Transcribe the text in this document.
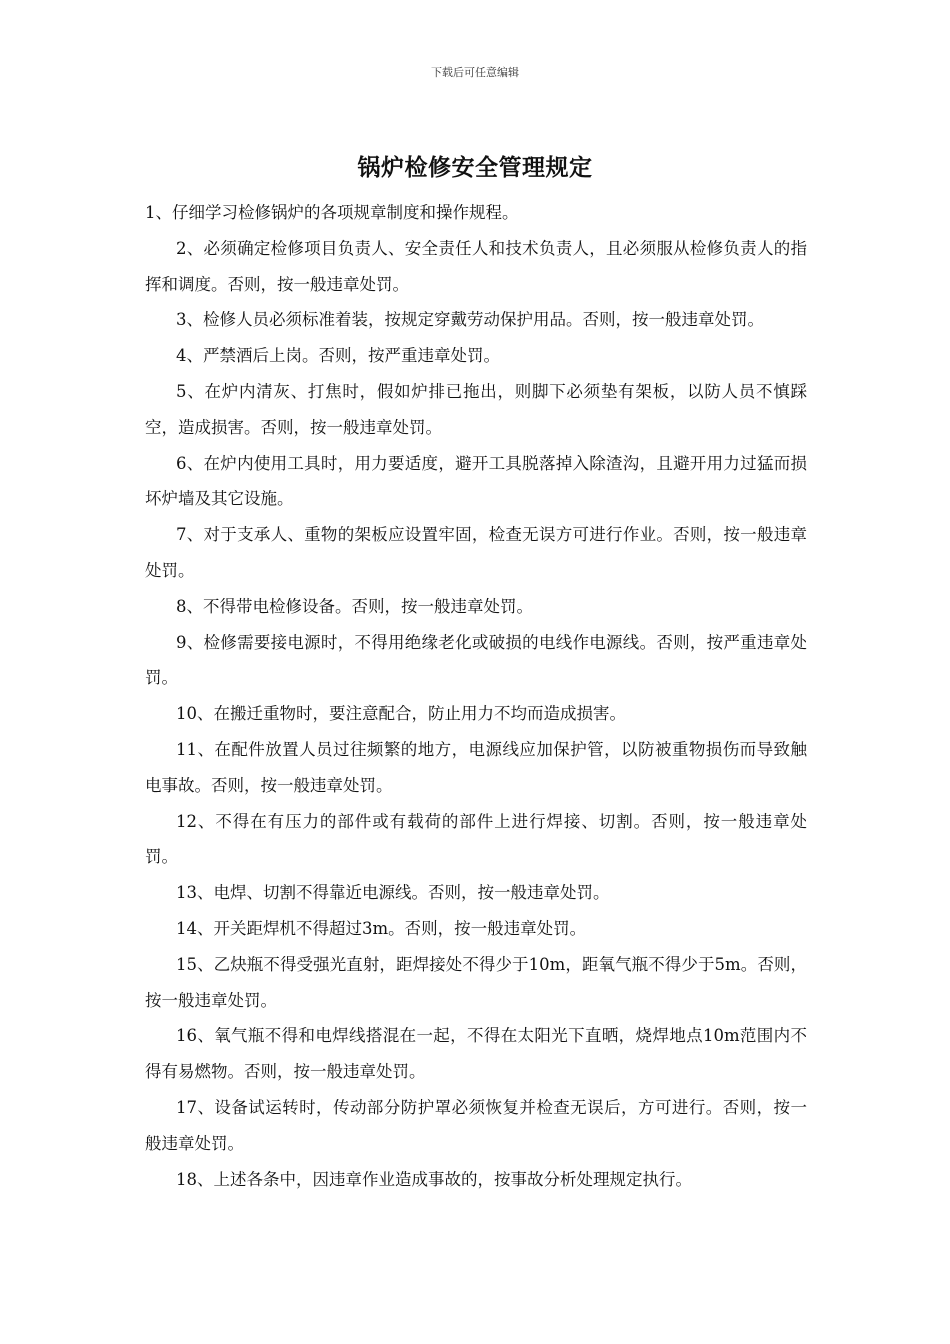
下载后可任意编辑
锅炉检修安全管理规定

1、仔细学习检修锅炉的各项规章制度和操作规程。

2、必须确定检修项目负责人、安全责任人和技术负责人，且必须服从检修负责人的指挥和调度。否则，按一般违章处罚。

3、检修人员必须标准着装，按规定穿戴劳动保护用品。否则，按一般违章处罚。

4、严禁酒后上岗。否则，按严重违章处罚。

5、在炉内清灰、打焦时，假如炉排已拖出，则脚下必须垫有架板，以防人员不慎踩空，造成损害。否则，按一般违章处罚。

6、在炉内使用工具时，用力要适度，避开工具脱落掉入除渣沟，且避开用力过猛而损坏炉墙及其它设施。

7、对于支承人、重物的架板应设置牢固，检查无误方可进行作业。否则，按一般违章处罚。

8、不得带电检修设备。否则，按一般违章处罚。

9、检修需要接电源时，不得用绝缘老化或破损的电线作电源线。否则，按严重违章处罚。

10、在搬迁重物时，要注意配合，防止用力不均而造成损害。

11、在配件放置人员过往频繁的地方，电源线应加保护管，以防被重物损伤而导致触电事故。否则，按一般违章处罚。

12、不得在有压力的部件或有载荷的部件上进行焊接、切割。否则，按一般违章处罚。

13、电焊、切割不得靠近电源线。否则，按一般违章处罚。

14、开关距焊机不得超过3m。否则，按一般违章处罚。

15、乙炔瓶不得受强光直射，距焊接处不得少于10m，距氧气瓶不得少于5m。否则，按一般违章处罚。

16、氧气瓶不得和电焊线搭混在一起，不得在太阳光下直晒，烧焊地点10m范围内不得有易燃物。否则，按一般违章处罚。

17、设备试运转时，传动部分防护罩必须恢复并检查无误后，方可进行。否则，按一般违章处罚。

18、上述各条中，因违章作业造成事故的，按事故分析处理规定执行。
